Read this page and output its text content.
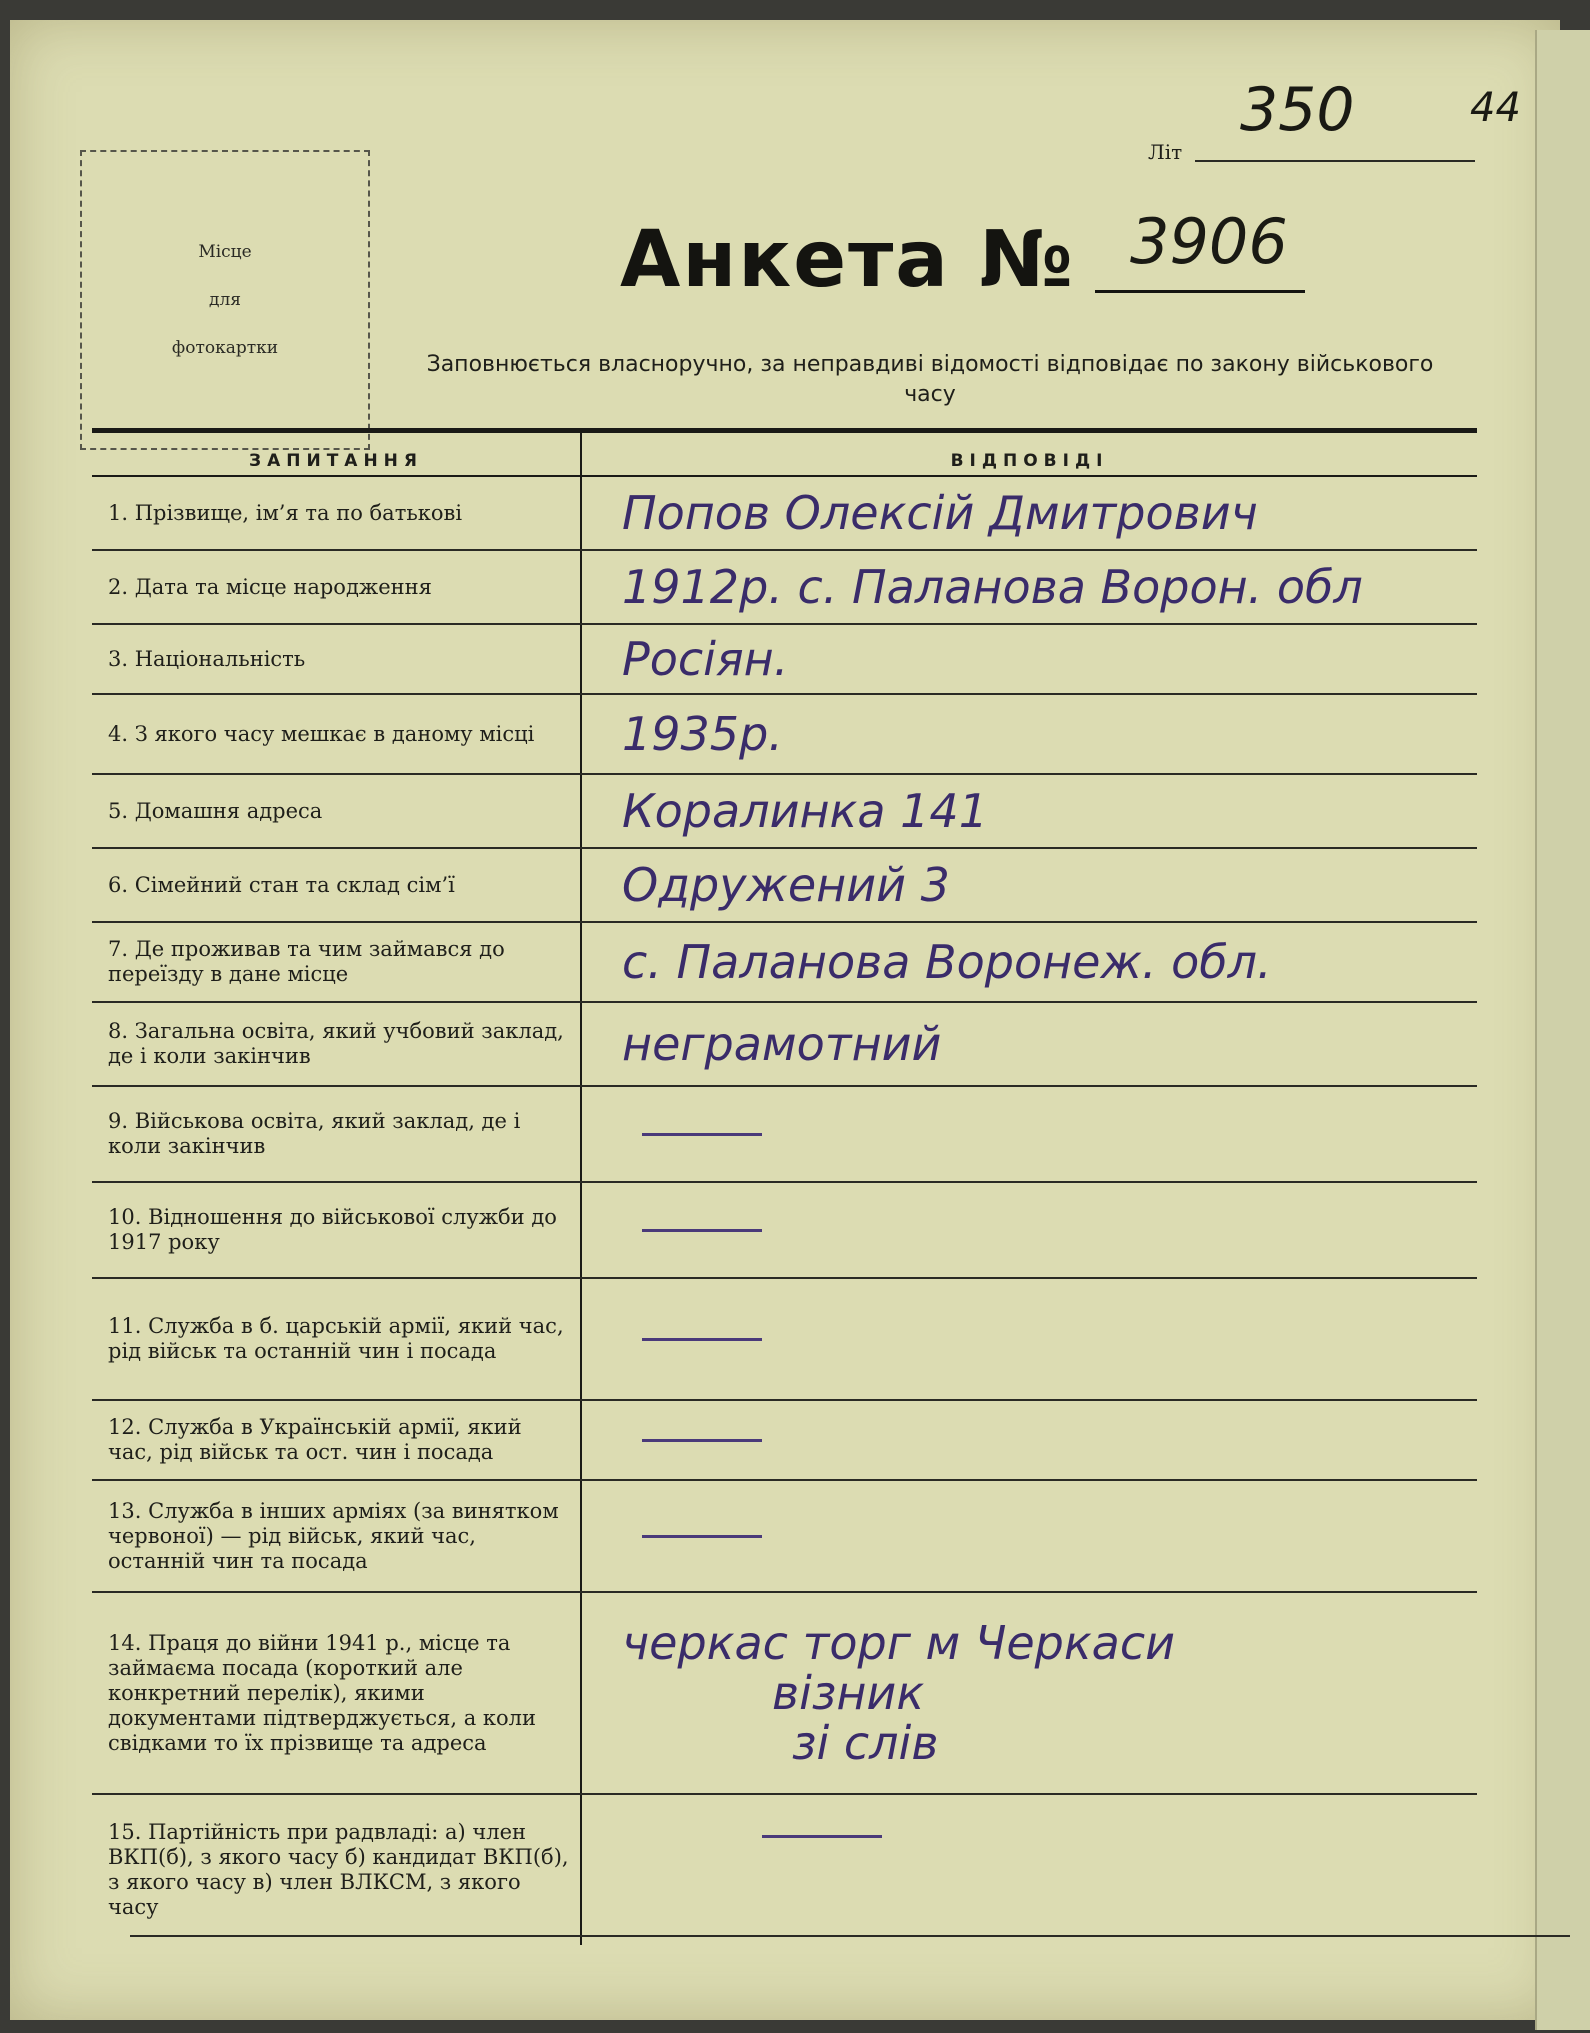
Місце
для
фотокартки
Літ
350	44
Анкета № 3906
Заповнюється власноручно, за неправдиві відомості відповідає по закону військового часу
ЗАПИТАННЯ	ВІДПОВІДІ
1. Прізвище, ім’я та по батькові	Попов Олексій Дмитрович
2. Дата та місце народження	1912р. с. Паланова Ворон. обл
3. Національність	Росіян.
4. З якого часу мешкає в даному місці	1935р.
5. Домашня адреса	Коралинка 141
6. Сімейний стан та склад сім’ї	Одружений 3
7. Де проживав та чим займався до переїзду в дане місце	с. Паланова Воронеж. обл.
8. Загальна освіта, який учбовий заклад, де і коли закінчив	неграмотний
9. Військова освіта, який заклад, де і коли закінчив
10. Відношення до військової служби до 1917 року
11. Служба в б. царській армії, який час, рід військ та останній чин і посада
12. Служба в Українській армії, який час, рід військ та ост. чин і посада
13. Служба в інших арміях (за винятком червоної) — рід військ, який час, останній чин та посада
14. Праця до війни 1941 р., місце та займаєма посада (короткий але конкретний перелік), якими документами підтверджується, а коли свідками то їх прізвище та адреса
черкас торг м Черкаси
візник
зі слів
15. Партійність при радвладі: а) член ВКП(б), з якого часу б) кандидат ВКП(б), з якого часу в) член ВЛКСМ, з якого часу
